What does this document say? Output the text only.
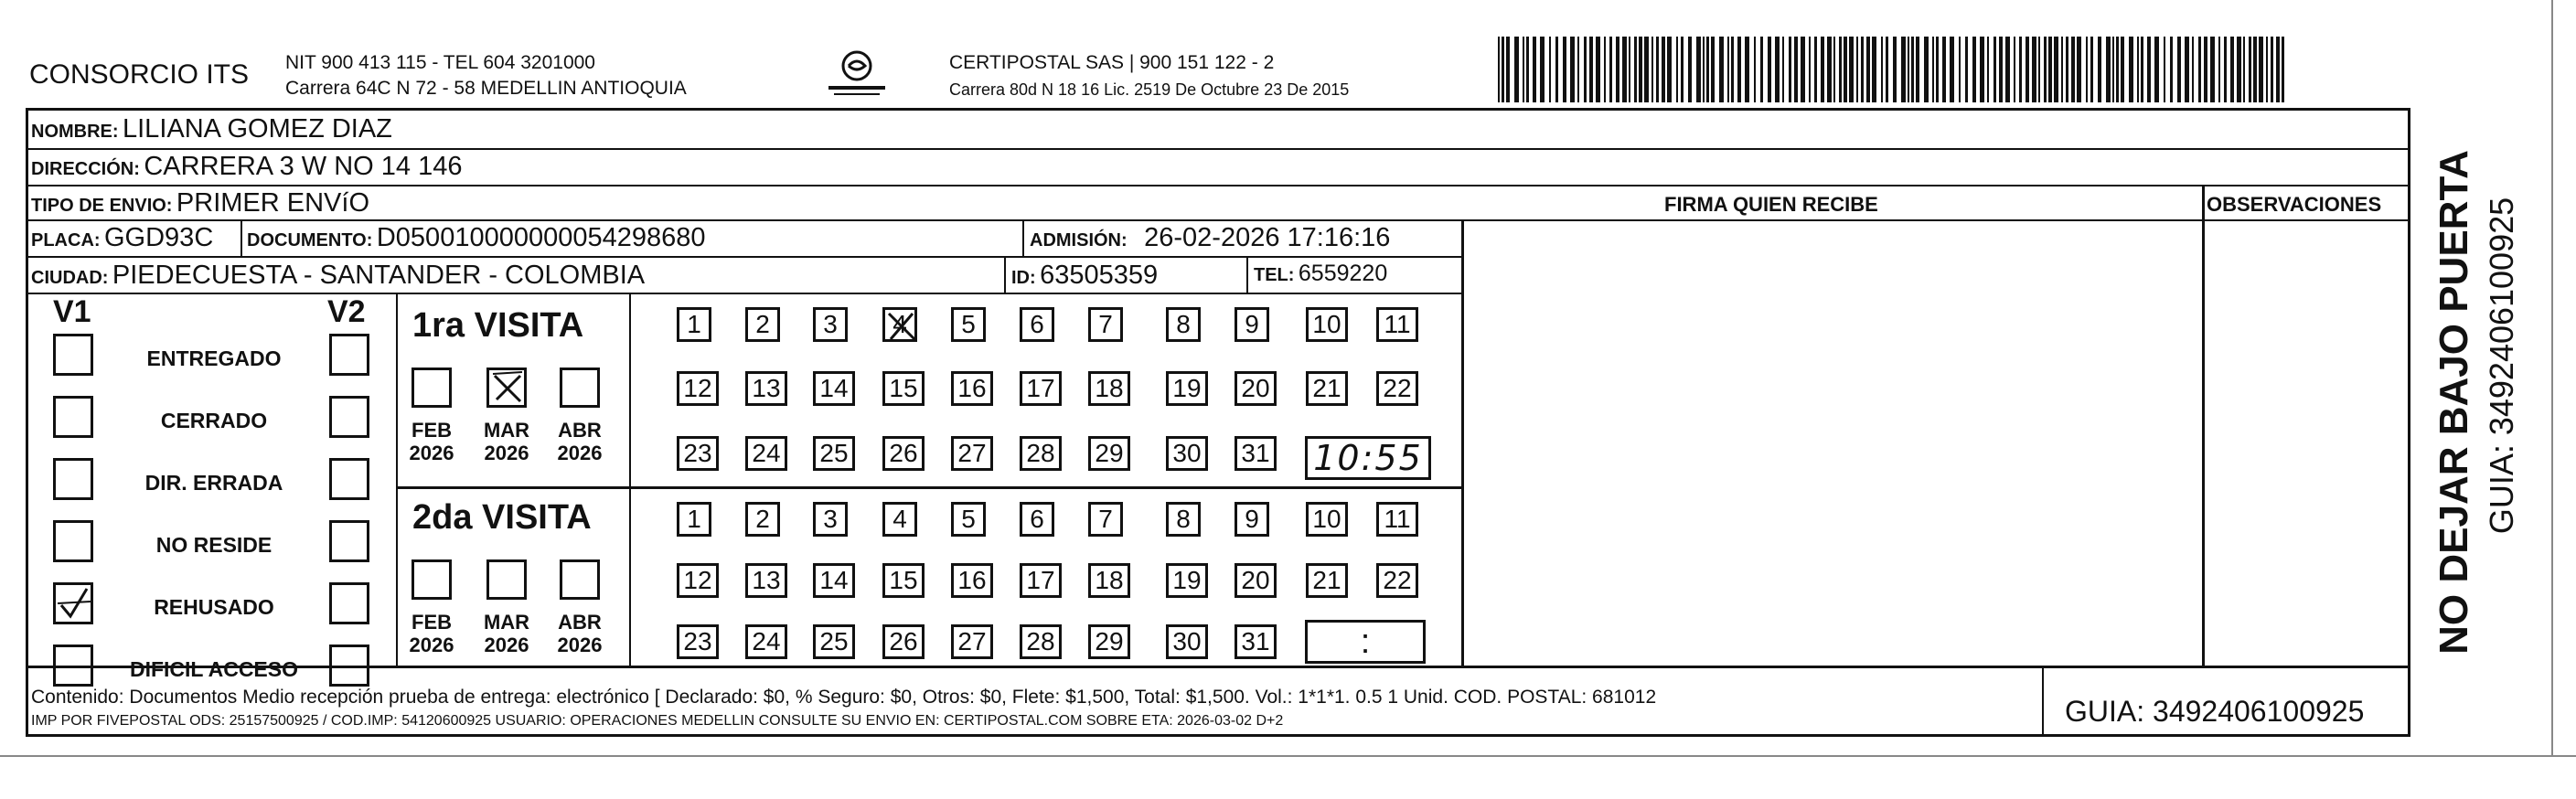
CONSORCIO ITS NIT 900 413 115 - TEL 604 3201000
Carrera 64C N 72 - 58 MEDELLIN ANTIOQUIA
CERTIPOSTAL SAS | 900 151 122 - 2
Carrera 80d N 18 16 Lic. 2519 De Octubre 23 De 2015
NOMBRE: LILIANA GOMEZ DIAZ
DIRECCIÓN: CARRERA 3 W NO 14 146
TIPO DE ENVIO: PRIMER ENVíO
PLACA: GGD93C DOCUMENTO: D050010000000054298680	ADMISIÓN: 26-02-2026 17:16:16
CIUDAD: PIEDECUESTA - SANTANDER - COLOMBIA	ID: 63505359	TEL: 6559220
FIRMA QUIEN RECIBE	OBSERVACIONES
V1	V2
ENTREGADO
CERRADO
DIR. ERRADA
NO RESIDE
REHUSADO
DIFICIL ACCESO
1ra VISITA
2da VISITA
FEB
2026
MAR
2026
ABR
2026
FEB
2026
MAR
2026
ABR
2026
1 2 3 4 5 6 7 8 9 10 11
12 13 14 15 16 17 18 19 20 21 22
23 24 25 26 27 28 29 30 31
1 2 3 4 5 6 7 8 9 10 11
12 13 14 15 16 17 18 19 20 21 22
23 24 25 26 27 28 29 30 31
10:55
:
Contenido: Documentos Medio recepción prueba de entrega: electrónico [ Declarado: $0, % Seguro: $0, Otros: $0, Flete: $1,500, Total: $1,500. Vol.: 1*1*1. 0.5 1 Unid. COD. POSTAL: 681012
IMP POR FIVEPOSTAL ODS: 25157500925 / COD.IMP: 54120600925 USUARIO: OPERACIONES MEDELLIN CONSULTE SU ENVIO EN: CERTIPOSTAL.COM SOBRE ETA: 2026-03-02 D+2	GUIA: 3492406100925
NO DEJAR BAJO PUERTA GUIA: 3492406100925
